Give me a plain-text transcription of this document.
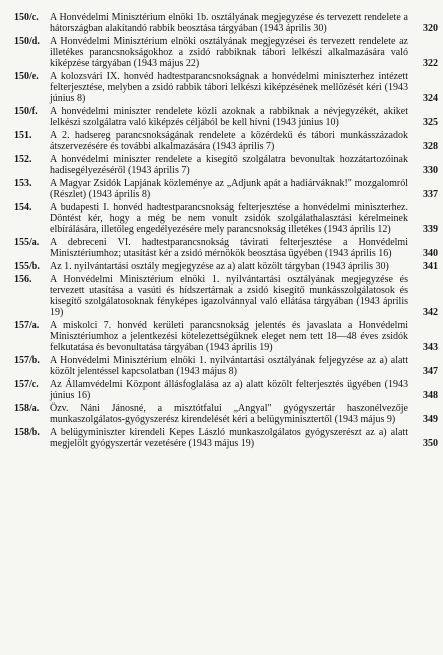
150/c.	A Honvédelmi Minisztérium elnöki 1b. osztályának megjegyzése és tervezett rendelete a hátországban alakítandó rabbik beosztása tárgyában (1943 április 30)	320
150/d.	A Honvédelmi Minisztérium elnöki osztályának megjegyzései és tervezett rendelete az illetékes parancsnokságokhoz a zsidó rabbiknak tábori lelkészi alkalmazására való kiképzése tárgyában (1943 május 22)	322
150/e.	A kolozsvári IX. honvéd hadtestparancsnokságnak a honvédelmi miniszterhez intézett felterjesztése, melyben a zsidó rabbik tábori lelkészi kiképzésének mellőzését kéri (1943 június 8)	324
150/f.	A honvédelmi miniszter rendelete közli azoknak a rabbiknak a névjegyzékét, akiket lelkészi szolgálatra való kiképzés céljából be kell hívni (1943 június 10)	325
151.	A 2. hadsereg parancsnokságának rendelete a közérdekű és tábori munkásszázadok átszervezésére és további alkalmazására (1943 április 7)	328
152.	A honvédelmi miniszter rendelete a kisegítő szolgálatra bevonultak hozzátartozóinak hadisegélyezéséről (1943 április 7)	330
153.	A Magyar Zsidók Lapjának közleménye az „Adjunk apát a hadiárváknak!" mozgalomról (Részlet) (1943 április 8)	337
154.	A budapesti I. honvéd hadtestparancsnokság felterjesztése a honvédelmi miniszterhez. Döntést kér, hogy a még be nem vonult zsidók szolgálathalasztási kérelmeinek elbírálására, illetőleg engedélyezésére mely parancsnokság illetékes (1943 április 12)	339
155/a.	A debreceni VI. hadtestparancsnokság távirati felterjesztése a Honvédelmi Minisztériumhoz; utasítást kér a zsidó mérnökök beosztása ügyében (1943 április 16)	340
155/b.	Az 1. nyilvántartási osztály megjegyzése az a) alatt közölt tárgyban (1943 április 30)	341
156.	A Honvédelmi Minisztérium elnöki 1. nyilvántartási osztályának megjegyzése és tervezett utasítása a vasúti és hídszertárnak a zsidó kisegítő munkásszolgálatosok és kisegítő szolgálatosoknak fényképes igazolvánnyal való ellátása tárgyában (1943 április 19)	342
157/a.	A miskolci 7. honvéd kerületi parancsnokság jelentés és javaslata a Honvédelmi Minisztériumhoz a jelentkezési kötelezettségüknek eleget nem tett 18—48 éves zsidók felkutatása és bevonultatása tárgyában (1943 április 19)	343
157/b.	A Honvédelmi Minisztérium elnöki 1. nyilvántartási osztályának feljegyzése az a) alatt közölt jelentéssel kapcsolatban (1943 május 8)	347
157/c.	Az Államvédelmi Központ állásfoglalása az a) alatt közölt felterjesztés ügyében (1943 június 16)	348
158/a.	Özv. Náni Jánosné, a misztótfalui „Angyal" gyógyszertár haszonélvezője munkaszolgálatos-gyógyszerész kirendelését kéri a belügyminisztertől (1943 május 9)	349
158/b.	A belügyminiszter kirendeli Kepes László munkaszolgálatos gyógyszerészt az a) alatt megjelölt gyógyszertár vezetésére (1943 május 19)	350
